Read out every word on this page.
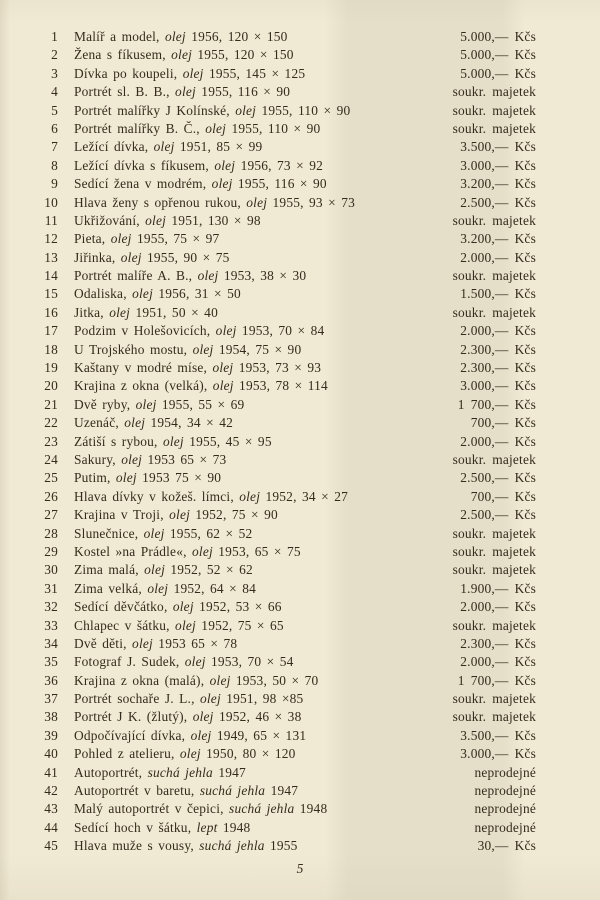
1 Malíř a model, olej 1956, 120 × 150	5.000,— Kčs
2 Žena s fíkusem, olej 1955, 120 × 150	5.000,— Kčs
3 Dívka po koupeli, olej 1955, 145 × 125	5.000,— Kčs
4 Portrét sl. B. B., olej 1955, 116 × 90	soukr. majetek
5 Portrét malířky J Kolínské, olej 1955, 110 × 90	soukr. majetek
6 Portrét malířky B. Č., olej 1955, 110 × 90	soukr. majetek
7 Ležící dívka, olej 1951, 85 × 99	3.500,— Kčs
8 Ležící dívka s fíkusem, olej 1956, 73 × 92	3.000,— Kčs
9 Sedící žena v modrém, olej 1955, 116 × 90	3.200,— Kčs
10 Hlava ženy s opřenou rukou, olej 1955, 93 × 73	2.500,— Kčs
11 Ukřižování, olej 1951, 130 × 98	soukr. majetek
12 Pieta, olej 1955, 75 × 97	3.200,— Kčs
13 Jiřinka, olej 1955, 90 × 75	2.000,— Kčs
14 Portrét malíře A. B., olej 1953, 38 × 30	soukr. majetek
15 Odaliska, olej 1956, 31 × 50	1.500,— Kčs
16 Jitka, olej 1951, 50 × 40	soukr. majetek
17 Podzim v Holešovicích, olej 1953, 70 × 84	2.000,— Kčs
18 U Trojského mostu, olej 1954, 75 × 90	2.300,— Kčs
19 Kaštany v modré míse, olej 1953, 73 × 93	2.300,— Kčs
20 Krajina z okna (velká), olej 1953, 78 × 114	3.000,— Kčs
21 Dvě ryby, olej 1955, 55 × 69	1 700,— Kčs
22 Uzenáč, olej 1954, 34 × 42	700,— Kčs
23 Zátiší s rybou, olej 1955, 45 × 95	2.000,— Kčs
24 Sakury, olej 1953 65 × 73	soukr. majetek
25 Putim, olej 1953 75 × 90	2.500,— Kčs
26 Hlava dívky v kožeš. límci, olej 1952, 34 × 27	700,— Kčs
27 Krajina v Troji, olej 1952, 75 × 90	2.500,— Kčs
28 Slunečnice, olej 1955, 62 × 52	soukr. majetek
29 Kostel »na Prádle«, olej 1953, 65 × 75	soukr. majetek
30 Zima malá, olej 1952, 52 × 62	soukr. majetek
31 Zima velká, olej 1952, 64 × 84	1.900,— Kčs
32 Sedící děvčátko, olej 1952, 53 × 66	2.000,— Kčs
33 Chlapec v šátku, olej 1952, 75 × 65	soukr. majetek
34 Dvě děti, olej 1953 65 × 78	2.300,— Kčs
35 Fotograf J. Sudek, olej 1953, 70 × 54	2.000,— Kčs
36 Krajina z okna (malá), olej 1953, 50 × 70	1 700,— Kčs
37 Portrét sochaře J. L., olej 1951, 98 ×85	soukr. majetek
38 Portrét J K. (žlutý), olej 1952, 46 × 38	soukr. majetek
39 Odpočívající dívka, olej 1949, 65 × 131	3.500,— Kčs
40 Pohled z atelieru, olej 1950, 80 × 120	3.000,— Kčs
41 Autoportrét, suchá jehla 1947	neprodejné
42 Autoportrét v baretu, suchá jehla 1947	neprodejné
43 Malý autoportrét v čepici, suchá jehla 1948	neprodejné
44 Sedící hoch v šátku, lept 1948	neprodejné
45 Hlava muže s vousy, suchá jehla 1955	30,— Kčs
5
